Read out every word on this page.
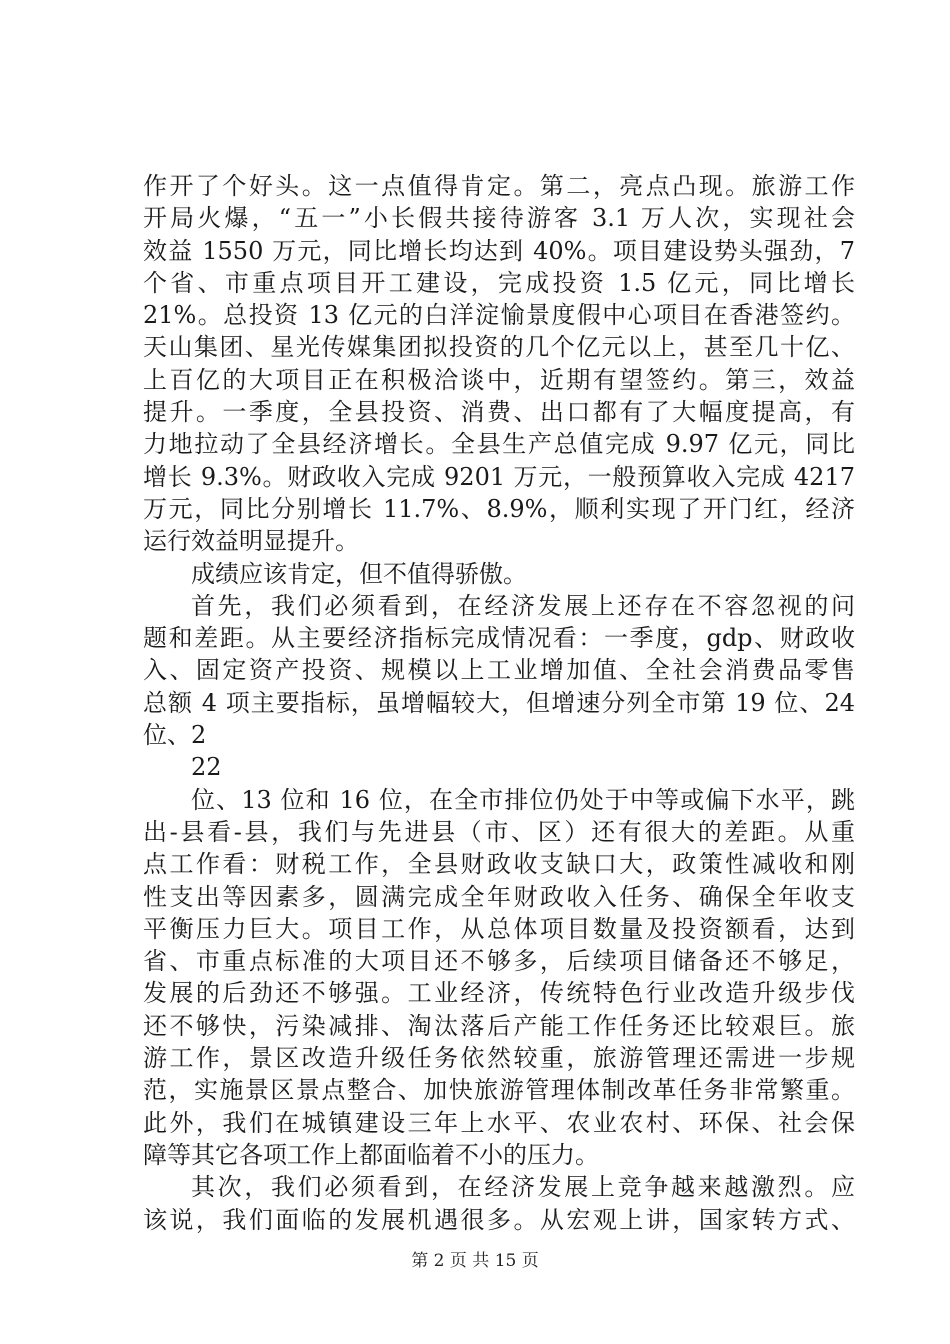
作开了个好头。这一点值得肯定。第二，亮点凸现。旅游工作
开局火爆，“五一”小长假共接待游客 3.1 万人次，实现社会
效益 1550 万元，同比增长均达到 40%。项目建设势头强劲，7
个省、市重点项目开工建设，完成投资 1.5 亿元，同比增长
21%。总投资 13 亿元的白洋淀愉景度假中心项目在香港签约。
天山集团、星光传媒集团拟投资的几个亿元以上，甚至几十亿、
上百亿的大项目正在积极洽谈中，近期有望签约。第三，效益
提升。一季度，全县投资、消费、出口都有了大幅度提高，有
力地拉动了全县经济增长。全县生产总值完成 9.97 亿元，同比
增长 9.3%。财政收入完成 9201 万元，一般预算收入完成 4217
万元，同比分别增长 11.7%、8.9%，顺利实现了开门红，经济
运行效益明显提升。
成绩应该肯定，但不值得骄傲。
首先，我们必须看到，在经济发展上还存在不容忽视的问
题和差距。从主要经济指标完成情况看：一季度，gdp、财政收
入、固定资产投资、规模以上工业增加值、全社会消费品零售
总额 4 项主要指标，虽增幅较大，但增速分列全市第 19 位、24
位、2
22
位、13 位和 16 位，在全市排位仍处于中等或偏下水平，跳
出-县看-县，我们与先进县（市、区）还有很大的差距。从重
点工作看：财税工作，全县财政收支缺口大，政策性减收和刚
性支出等因素多，圆满完成全年财政收入任务、确保全年收支
平衡压力巨大。项目工作，从总体项目数量及投资额看，达到
省、市重点标准的大项目还不够多，后续项目储备还不够足，
发展的后劲还不够强。工业经济，传统特色行业改造升级步伐
还不够快，污染减排、淘汰落后产能工作任务还比较艰巨。旅
游工作，景区改造升级任务依然较重，旅游管理还需进一步规
范，实施景区景点整合、加快旅游管理体制改革任务非常繁重。
此外，我们在城镇建设三年上水平、农业农村、环保、社会保
障等其它各项工作上都面临着不小的压力。
其次，我们必须看到，在经济发展上竞争越来越激烈。应
该说，我们面临的发展机遇很多。从宏观上讲，国家转方式、
第 2 页 共 15 页
